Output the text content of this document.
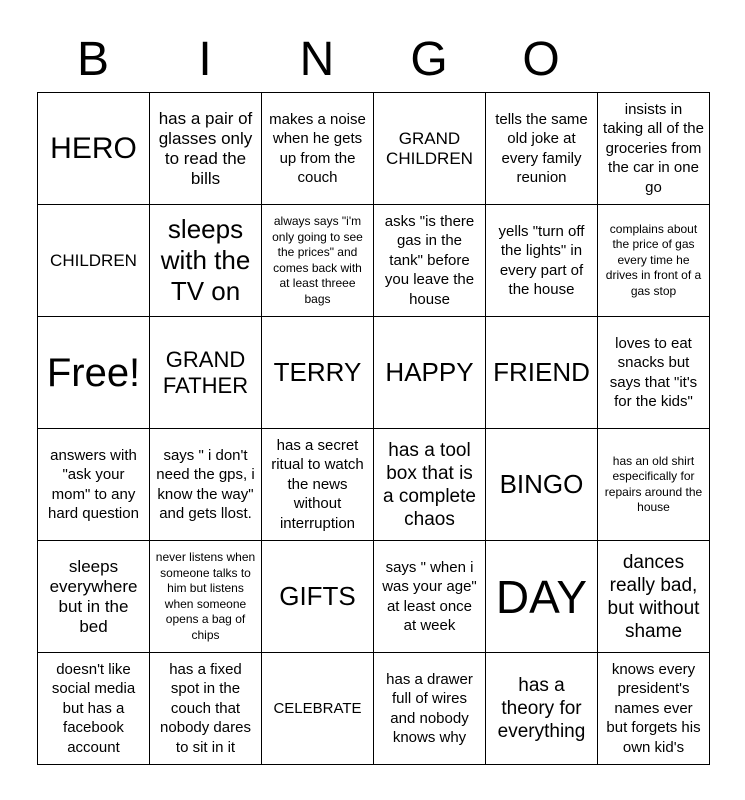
B	I	N	G	O
HERO
has a pair of glasses only to read the bills
makes a noise when he gets up from the couch
GRAND CHILDREN
tells the same old joke at every family reunion
insists in taking all of the groceries from the car in one go
CHILDREN
sleeps with the TV on
always says "i'm only going to see the prices" and comes back with at least threee bags
asks "is there gas in the tank" before you leave the house
yells "turn off the lights" in every part of the house
complains about the price of gas every time he drives in front of a gas stop
Free!	GRAND FATHER TERRY HAPPY FRIEND
loves to eat snacks but says that "it's for the kids"
answers with "ask your mom" to any hard question
says " i don't need the gps, i know the way" and gets llost.
has a secret ritual to watch the news without interruption
has a tool box that is a complete chaos
BINGO
has an old shirt especifically for repairs around the house
sleeps everywhere but in the bed
never listens when someone talks to him but listens when someone opens a bag of chips
GIFTS
says " when i was your age" at least once at week
DAY
dances really bad, but without shame
doesn't like social media but has a facebook account
has a fixed spot in the couch that nobody dares to sit in it
CELEBRATE
has a drawer full of wires and nobody knows why
has a theory for everything
knows every president's names ever but forgets his own kid's
